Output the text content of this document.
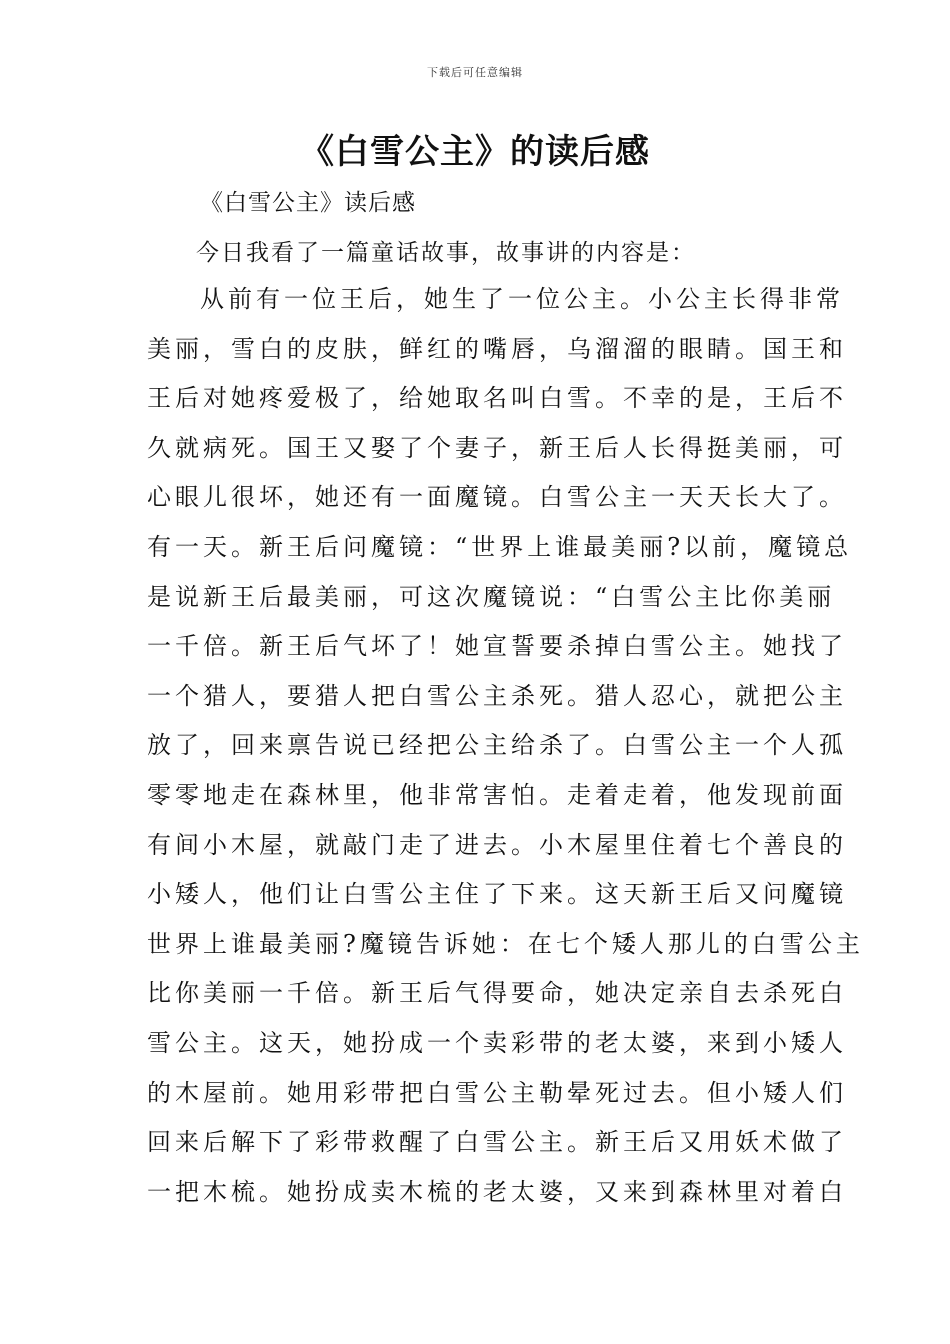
下载后可任意编辑
《白雪公主》的读后感
《白雪公主》读后感
今日我看了一篇童话故事，故事讲的内容是：
从前有一位王后，她生了一位公主。小公主长得非常
美丽，雪白的皮肤，鲜红的嘴唇，乌溜溜的眼睛。国王和
王后对她疼爱极了，给她取名叫白雪。不幸的是，王后不
久就病死。国王又娶了个妻子，新王后人长得挺美丽，可
心眼儿很坏，她还有一面魔镜。白雪公主一天天长大了。
有一天。新王后问魔镜：“世界上谁最美丽?以前，魔镜总
是说新王后最美丽，可这次魔镜说：“白雪公主比你美丽
一千倍。新王后气坏了！她宣誓要杀掉白雪公主。她找了
一个猎人，要猎人把白雪公主杀死。猎人忍心，就把公主
放了，回来禀告说已经把公主给杀了。白雪公主一个人孤
零零地走在森林里，他非常害怕。走着走着，他发现前面
有间小木屋，就敲门走了进去。小木屋里住着七个善良的
小矮人，他们让白雪公主住了下来。这天新王后又问魔镜
世界上谁最美丽?魔镜告诉她：在七个矮人那儿的白雪公主
比你美丽一千倍。新王后气得要命，她决定亲自去杀死白
雪公主。这天，她扮成一个卖彩带的老太婆，来到小矮人
的木屋前。她用彩带把白雪公主勒晕死过去。但小矮人们
回来后解下了彩带救醒了白雪公主。新王后又用妖术做了
一把木梳。她扮成卖木梳的老太婆，又来到森林里对着白
